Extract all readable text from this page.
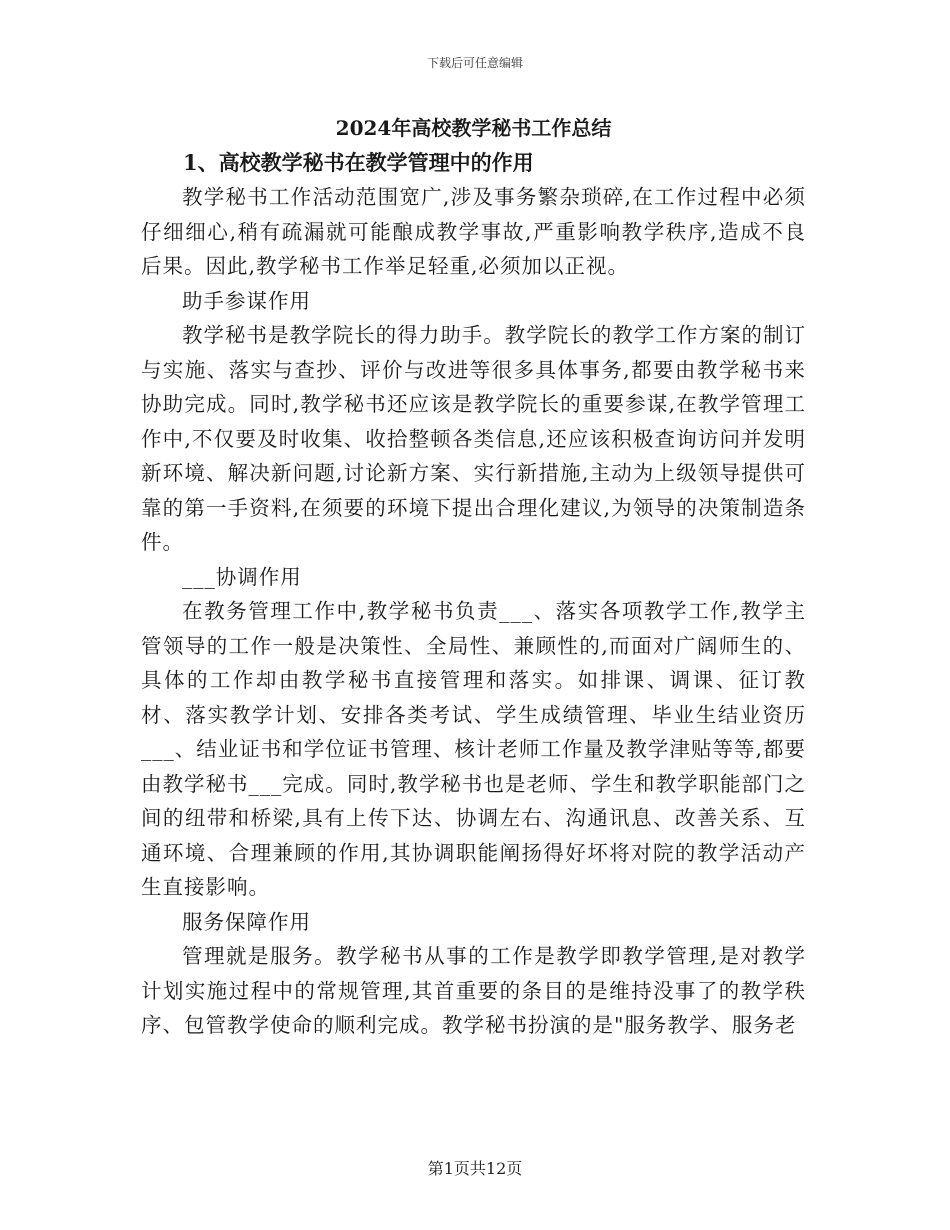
下载后可任意编辑
2024年高校教学秘书工作总结
1、高校教学秘书在教学管理中的作用

教学秘书工作活动范围宽广,涉及事务繁杂琐碎,在工作过程中必须仔细细心,稍有疏漏就可能酿成教学事故,严重影响教学秩序,造成不良后果。因此,教学秘书工作举足轻重,必须加以正视。

助手参谋作用

教学秘书是教学院长的得力助手。教学院长的教学工作方案的制订与实施、落实与查抄、评价与改进等很多具体事务,都要由教学秘书来协助完成。同时,教学秘书还应该是教学院长的重要参谋,在教学管理工作中,不仅要及时收集、收拾整顿各类信息,还应该积极查询访问并发明新环境、解决新问题,讨论新方案、实行新措施,主动为上级领导提供可靠的第一手资料,在须要的环境下提出合理化建议,为领导的决策制造条件。

___协调作用

在教务管理工作中,教学秘书负责___、落实各项教学工作,教学主管领导的工作一般是决策性、全局性、兼顾性的,而面对广阔师生的、具体的工作却由教学秘书直接管理和落实。如排课、调课、征订教材、落实教学计划、安排各类考试、学生成绩管理、毕业生结业资历___、结业证书和学位证书管理、核计老师工作量及教学津贴等等,都要由教学秘书___完成。同时,教学秘书也是老师、学生和教学职能部门之间的纽带和桥梁,具有上传下达、协调左右、沟通讯息、改善关系、互通环境、合理兼顾的作用,其协调职能阐扬得好坏将对院的教学活动产生直接影响。

服务保障作用

管理就是服务。教学秘书从事的工作是教学即教学管理,是对教学计划实施过程中的常规管理,其首重要的条目的是维持没事了的教学秩序、包管教学使命的顺利完成。教学秘书扮演的是"服务教学、服务老

第1页共12页
